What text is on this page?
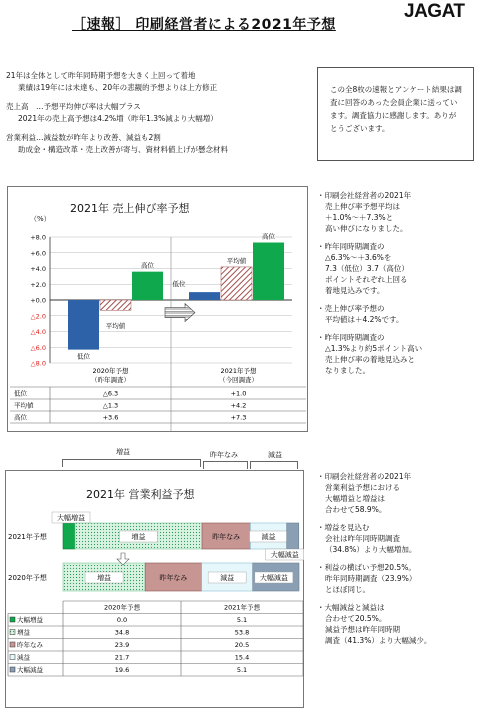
［速報］ 印刷経営者による2021年予想
JAGAT
21年は全体として昨年同時期予想を大きく上回って着地
業績は19年には未達も、20年の悲観的予想よりは上方修正
売上高　…予想平均伸び率は大幅プラス
2021年の売上高予想は4.2%増（昨年1.3%減より大幅増）
営業利益…減益数が昨年より改善、減益も2割
助成金・構造改革・売上改善が寄与、資材料値上げが懸念材料
この全8枚の速報とアンケート結果は調査に回答のあった会員企業に送っています。調査協力に感謝します。ありがとうございます。
2021年 売上伸び率予想
（%）
+8.0
+6.0
+4.0
+2.0
+0.0
△2.0
△4.0
△6.0
△8.0
低位
低位
平均値
平均値
高位
高位
2020年予想
（昨年調査）
2021年予想
（今回調査）
低位	△6.3	+1.0
平均値	△1.3	+4.2
高位	+3.6	+7.3
・印刷会社経営者の2021年
売上伸び率予想平均は
＋1.0%〜＋7.3%と
高い伸びになりました。
・昨年同時期調査の
△6.3%〜＋3.6%を
7.3（低位）3.7（高位）
ポイントそれぞれ上回る
着地見込みです。
・売上伸び率予想の
平均値は＋4.2%です。
・昨年同時期調査の
△1.3%より約5ポイント高い
売上伸び率の着地見込みと
なりました。
増益	昨年なみ	減益
2021年 営業利益予想
2021年予想
大幅増益
増益	昨年なみ	減益
大幅減益
2020年予想	増益	昨年なみ	減益	大幅減益
2020年予想	2021年予想
大幅増益	0.0	5.1
増益	34.8	53.8
昨年なみ	23.9	20.5
減益	21.7	15.4
大幅減益	19.6	5.1
・印刷会社経営者の2021年
営業利益予想における
大幅増益と増益は
合わせて58.9%。
・増益を見込む
会社は昨年同時期調査
（34.8%）より大幅増加。
・利益の横ばい予想20.5%。
昨年同時期調査（23.9%）
とほぼ同じ。
・大幅減益と減益は
合わせて20.5%。
減益予想は昨年同時期
調査（41.3%）より大幅減少。
